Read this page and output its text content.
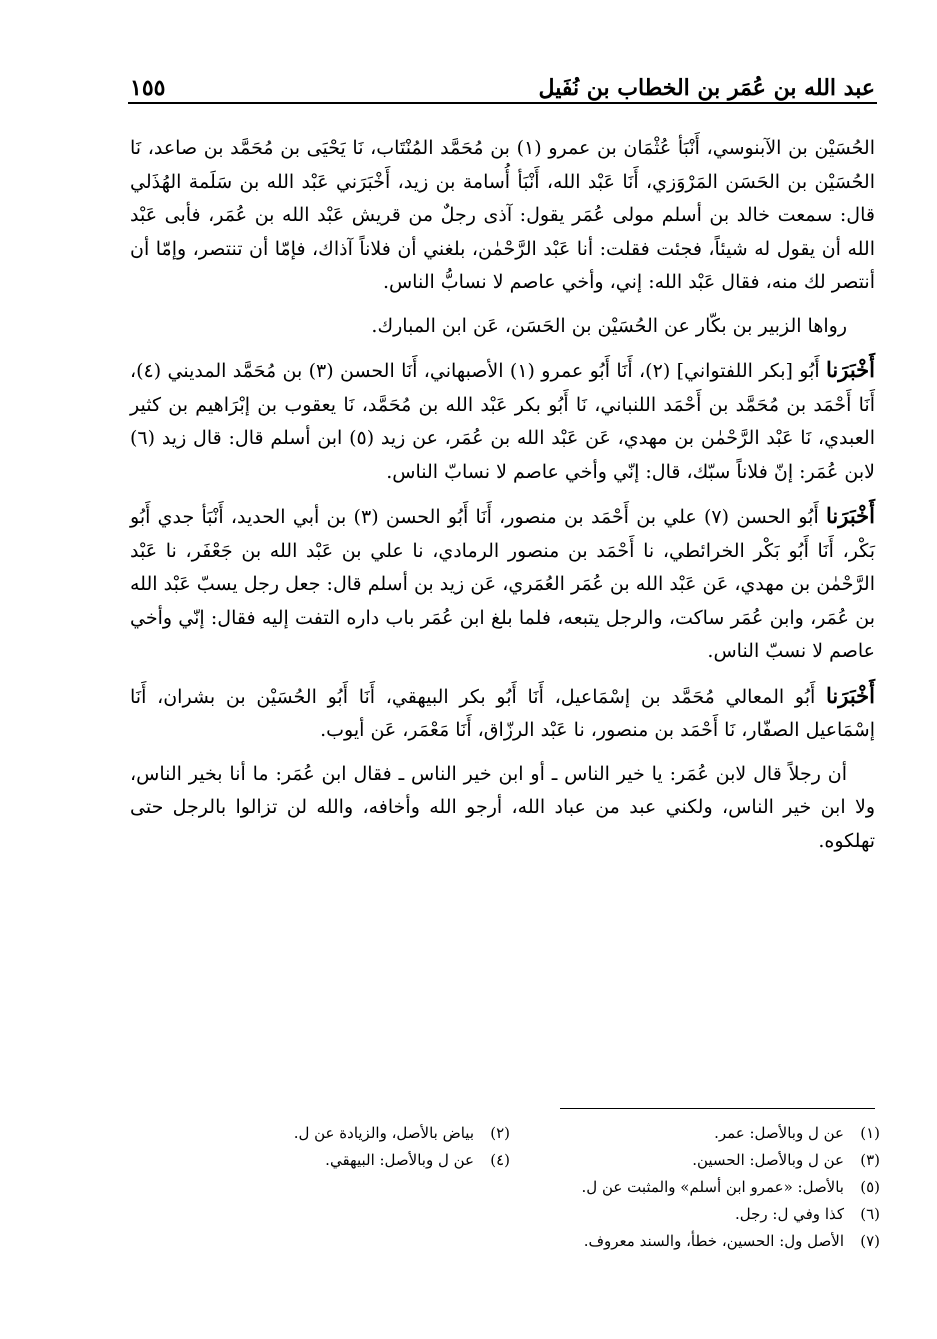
عبد الله بن عُمَر بن الخطاب بن نُفَيل
١٥٥

الحُسَيْن بن الآبنوسي، أَنْبَأ عُثْمَان بن عمرو (١) بن مُحَمَّد المُنْتَاب، نَا يَحْيَى بن مُحَمَّد بن صاعد، نَا الحُسَيْن بن الحَسَن المَرْوَزي، أَنَا عَبْد الله، أَنْبَأ أُسامة بن زيد، أَخْبَرَني عَبْد الله بن سَلَمة الهُذَلي قال: سمعت خالد بن أسلم مولى عُمَر يقول: آذى رجلٌ من قريش عَبْد الله بن عُمَر، فأبى عَبْد الله أن يقول له شيئاً، فجئت فقلت: أنا عَبْد الرَّحْمٰن، بلغني أن فلاناً آذاك، فإمّا أن تنتصر، وإمّا أن أنتصر لك منه، فقال عَبْد الله: إني، وأخي عاصم لا نسابُّ الناس.

رواها الزبير بن بكّار عن الحُسَيْن بن الحَسَن، عَن ابن المبارك.

أَخْبَرَنا أَبُو [بكر اللفتواني] (٢)، أَنَا أَبُو عمرو (١) الأصبهاني، أَنَا الحسن (٣) بن مُحَمَّد المديني (٤)، أَنَا أَحْمَد بن مُحَمَّد بن أَحْمَد اللنباني، نَا أَبُو بكر عَبْد الله بن مُحَمَّد، نَا يعقوب بن إبْرَاهيم بن كثير العبدي، نَا عَبْد الرَّحْمٰن بن مهدي، عَن عَبْد الله بن عُمَر، عن زيد (٥) ابن أسلم قال: قال زيد (٦) لابن عُمَر: إنّ فلاناً سبّك، قال: إنّي وأخي عاصم لا نسابّ الناس.

أَخْبَرَنا أَبُو الحسن (٧) علي بن أَحْمَد بن منصور، أَنَا أَبُو الحسن (٣) بن أبي الحديد، أَنْبَأ جدي أَبُو بَكْر، أَنَا أَبُو بَكْر الخرائطي، نا أَحْمَد بن منصور الرمادي، نا علي بن عَبْد الله بن جَعْفَر، نا عَبْد الرَّحْمٰن بن مهدي، عَن عَبْد الله بن عُمَر العُمَري، عَن زيد بن أسلم قال: جعل رجل يسبّ عَبْد الله بن عُمَر، وابن عُمَر ساكت، والرجل يتبعه، فلما بلغ ابن عُمَر باب داره التفت إليه فقال: إنّي وأخي عاصم لا نسبّ الناس.

أَخْبَرَنا أَبُو المعالي مُحَمَّد بن إسْمَاعيل، أَنَا أَبُو بكر البيهقي، أَنَا أَبُو الحُسَيْن بن بشران، أَنَا إسْمَاعيل الصفّار، نَا أَحْمَد بن منصور، نا عَبْد الرزّاق، أَنَا مَعْمَر، عَن أيوب.

أن رجلاً قال لابن عُمَر: يا خير الناس ـ أو ابن خير الناس ـ فقال ابن عُمَر: ما أنا بخير الناس، ولا ابن خير الناس، ولكني عبد من عباد الله، أرجو الله وأخافه، والله لن تزالوا بالرجل حتى تهلكوه.

(١)عن ل وبالأصل: عمر.
(٢)بياض بالأصل، والزيادة عن ل.
(٣)عن ل وبالأصل: الحسين.
(٤)عن ل وبالأصل: البيهقي.
(٥)بالأصل: «عمرو ابن أسلم» والمثبت عن ل.
(٦)كذا وفي ل: رجل.
(٧)الأصل ول: الحسين، خطأ، والسند معروف.
